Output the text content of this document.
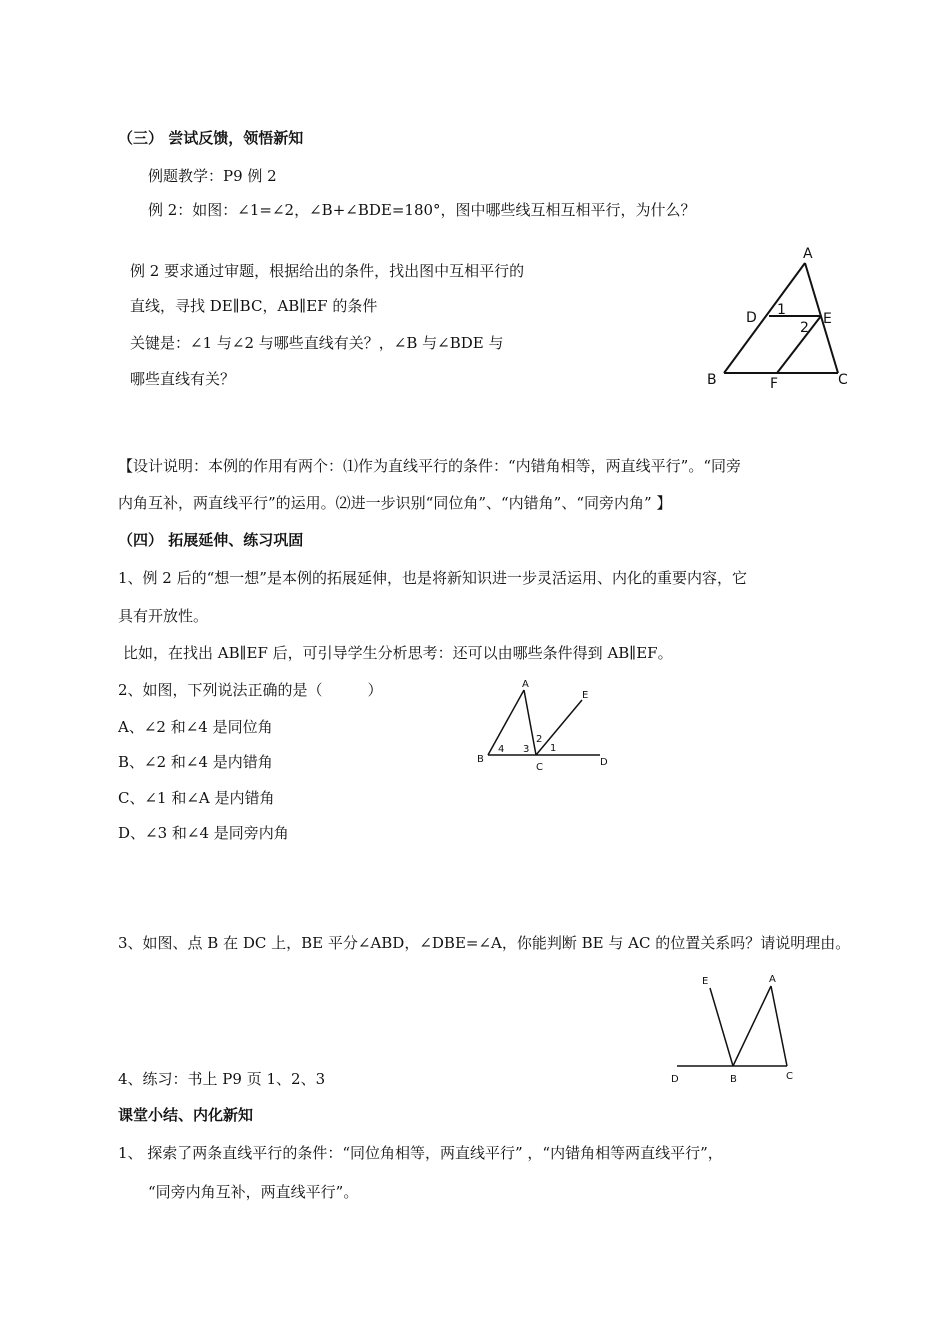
（三） 尝试反馈，领悟新知
例题教学：P9 例 2
例 2：如图：∠1=∠2，∠B+∠BDE=180°，图中哪些线互相互相平行，为什么？
例 2 要求通过审题，根据给出的条件，找出图中互相平行的
直线，寻找 DE∥BC，AB∥EF 的条件
关键是：∠1 与∠2 与哪些直线有关？，∠B 与∠BDE 与
哪些直线有关？
A
D	E
B	F	C
1
2
【设计说明：本例的作用有两个：⑴作为直线平行的条件：“内错角相等，两直线平行”。“同旁
内角互补，两直线平行”的运用。⑵进一步识别“同位角”、“内错角”、“同旁内角” 】
（四） 拓展延伸、练习巩固
1、例 2 后的“想一想”是本例的拓展延伸，也是将新知识进一步灵活运用、内化的重要内容，它
具有开放性。
比如，在找出 AB∥EF 后，可引导学生分析思考：还可以由哪些条件得到 AB∥EF。
2、如图，下列说法正确的是（　　　）
A、∠2 和∠4 是同位角
B、∠2 和∠4 是内错角
C、∠1 和∠A 是内错角
D、∠3 和∠4 是同旁内角
A
E
B
C	D
4 3
2
1
3、如图、点 B 在 DC 上，BE 平分∠ABD，∠DBE=∠A，你能判断 BE 与 AC 的位置关系吗？请说明理由。
E	A
D	B	C
4、练习：书上 P9 页 1、2、3
课堂小结、内化新知
1、 探索了两条直线平行的条件：“同位角相等，两直线平行” ，“内错角相等两直线平行”，
“同旁内角互补，两直线平行”。
